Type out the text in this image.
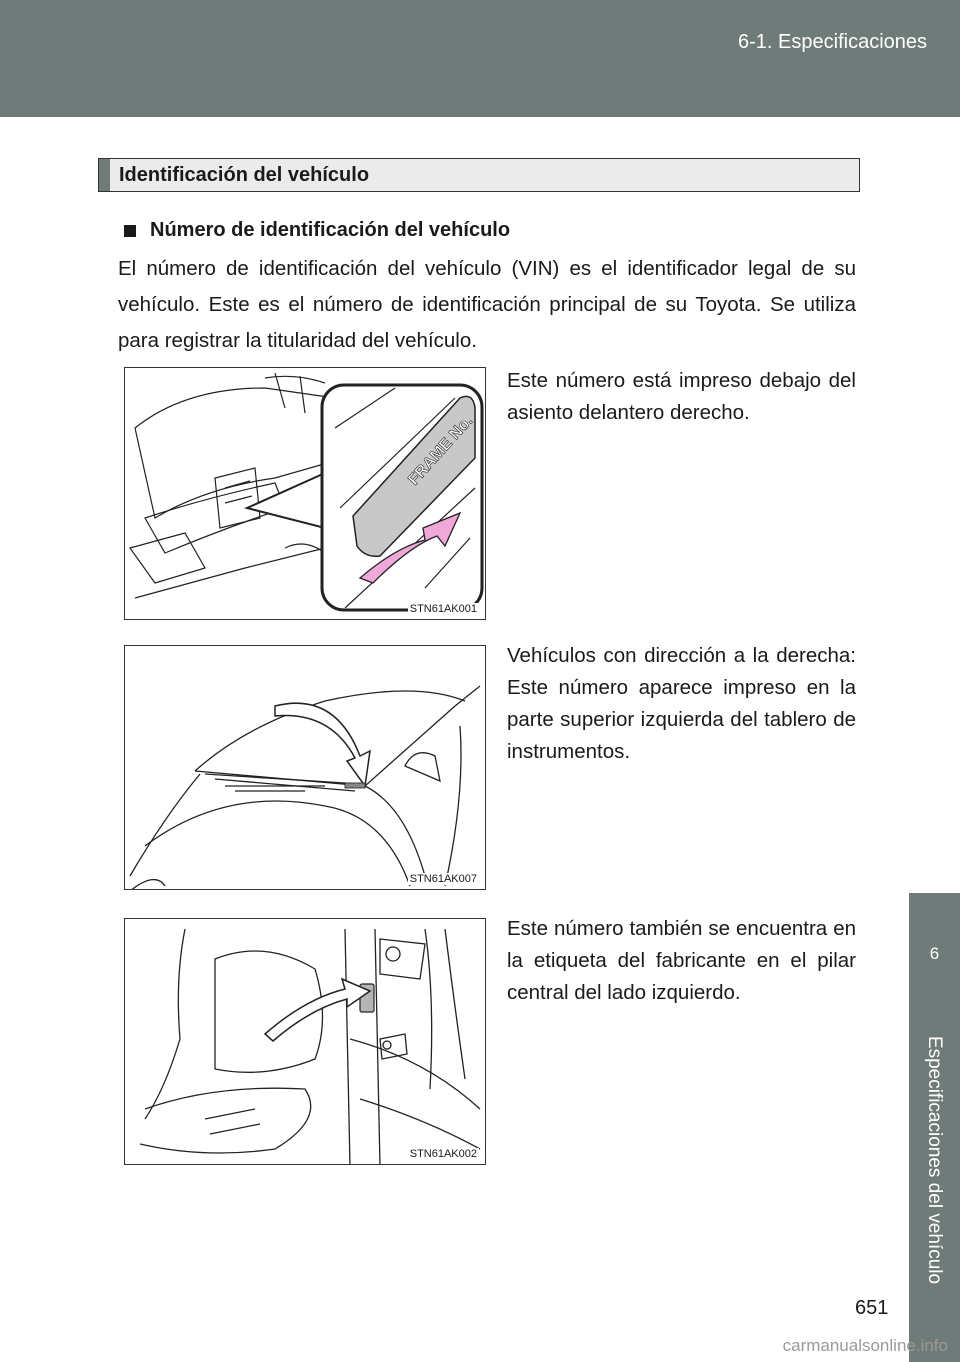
6-1. Especificaciones
6
Especificaciones del vehículo
Identificación del vehículo
Número de identificación del vehículo
El número de identificación del vehículo (VIN) es el identificador legal de su vehículo. Este es el número de identificación principal de su Toyota. Se utiliza para registrar la titularidad del vehículo.
FRAME No.
STN61AK001
Este número está impreso debajo del asiento delantero derecho.
STN61AK007
Vehículos con dirección a la derecha: Este número aparece impreso en la parte superior izquierda del tablero de instrumentos.
STN61AK002
Este número también se encuentra en la etiqueta del fabricante en el pilar central del lado izquierdo.
651
carmanualsonline.info
